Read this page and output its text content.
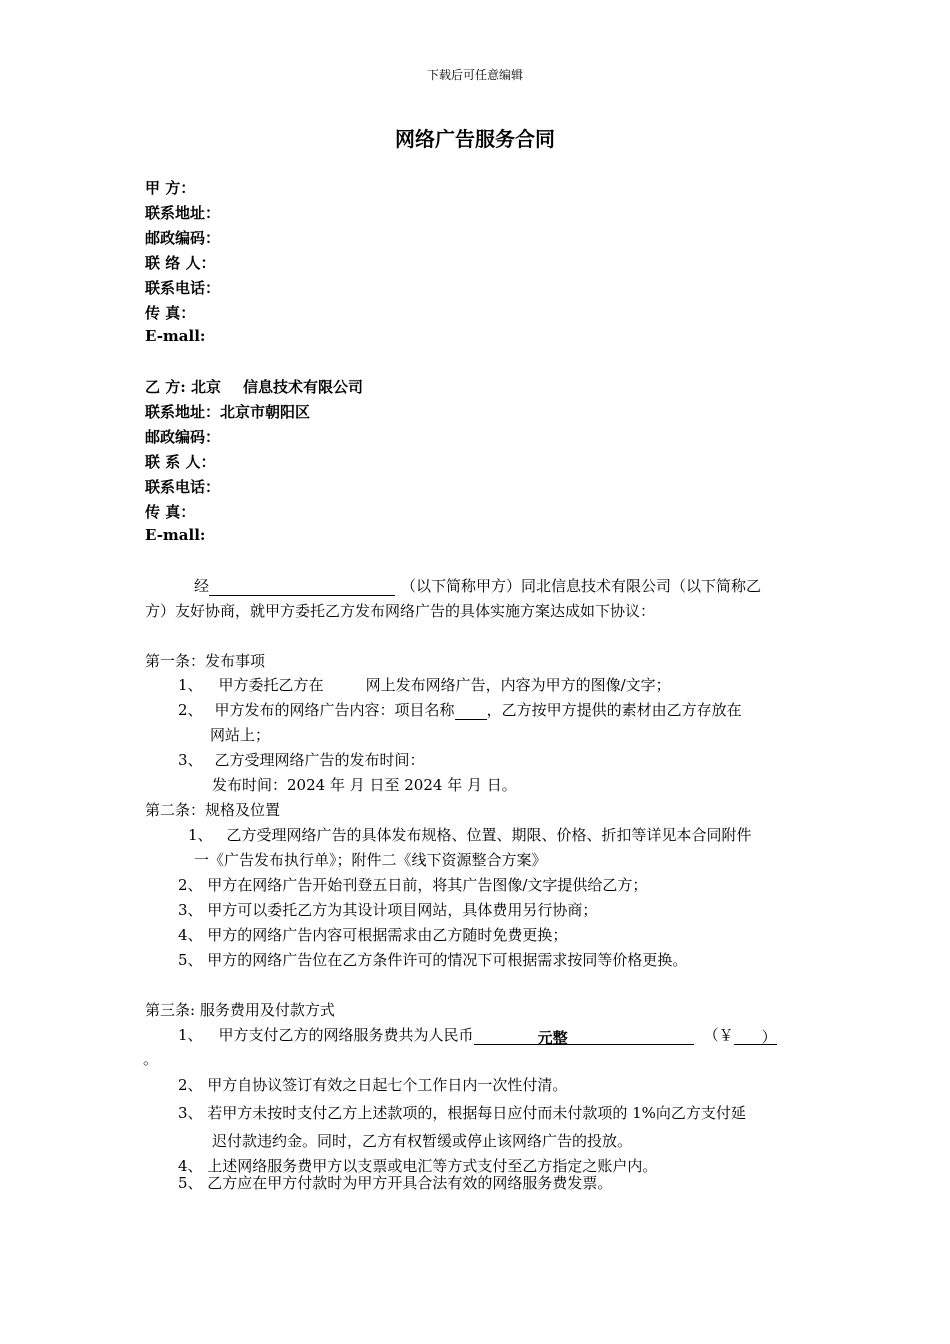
下载后可任意编辑
网络广告服务合同
甲 方：
联系地址：
邮政编码：
联 络 人：
联系电话：
传 真：
E-mall:
乙 方: 北京 信息技术有限公司
联系地址：北京市朝阳区
邮政编码：
联 系 人：
联系电话：
传 真：
E-mall:
经	（以下简称甲方）同北信息技术有限公司（以下简称乙
方）友好协商，就甲方委托乙方发布网络广告的具体实施方案达成如下协议：
第一条：发布事项
1、 甲方委托乙方在	网上发布网络广告，内容为甲方的图像/文字；
2、 甲方发布的网络广告内容：项目名称 ，乙方按甲方提供的素材由乙方存放在
网站上；
3、 乙方受理网络广告的发布时间：
发布时间：2024 年 月 日至 2024 年 月 日。
第二条：规格及位置
1、 乙方受理网络广告的具体发布规格、位置、期限、价格、折扣等详见本合同附件
一《广告发布执行单》；附件二《线下资源整合方案》
2、 甲方在网络广告开始刊登五日前，将其广告图像/文字提供给乙方；
3、 甲方可以委托乙方为其设计项目网站，具体费用另行协商；
4、 甲方的网络广告内容可根据需求由乙方随时免费更换；
5、 甲方的网络广告位在乙方条件许可的情况下可根据需求按同等价格更换。
第三条: 服务费用及付款方式
1、 甲方支付乙方的网络服务费共为人民币	元整	（￥ ）
。
2、 甲方自协议签订有效之日起七个工作日内一次性付清。
3、 若甲方未按时支付乙方上述款项的，根据每日应付而未付款项的 1%向乙方支付延
迟付款违约金。同时，乙方有权暂缓或停止该网络广告的投放。
4、 上述网络服务费甲方以支票或电汇等方式支付至乙方指定之账户内。
5、 乙方应在甲方付款时为甲方开具合法有效的网络服务费发票。
